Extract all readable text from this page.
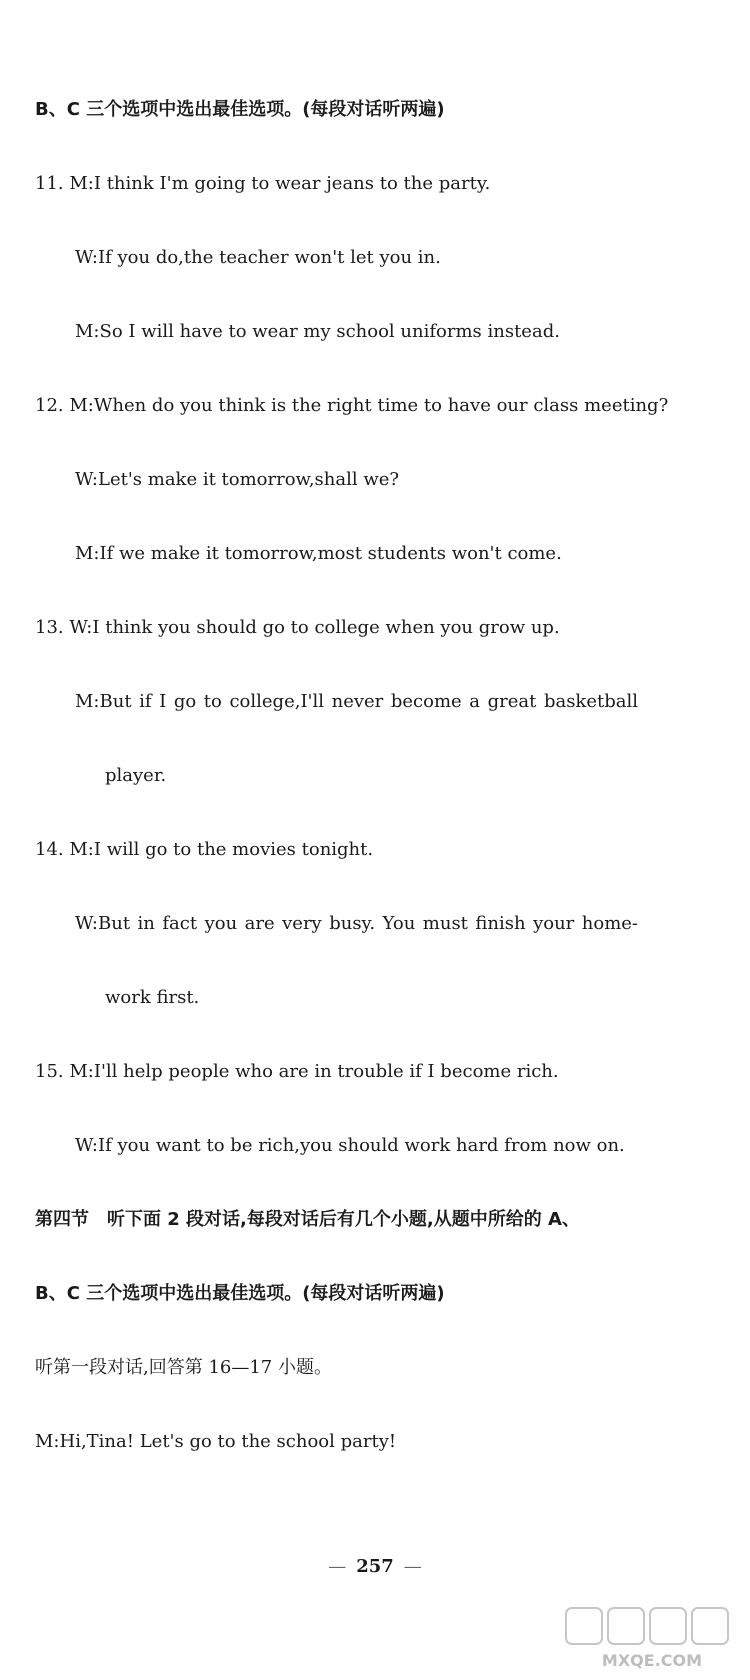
B、C 三个选项中选出最佳选项。(每段对话听两遍)
11. M:I think I'm going to wear jeans to the party.
W:If you do,the teacher won't let you in.
M:So I will have to wear my school uniforms instead.
12. M:When do you think is the right time to have our class meeting?
W:Let's make it tomorrow,shall we?
M:If we make it tomorrow,most students won't come.
13. W:I think you should go to college when you grow up.
M:But if I go to college,I'll never become a great basketball
player.
14. M:I will go to the movies tonight.
W:But in fact you are very busy. You must finish your home-
work first.
15. M:I'll help people who are in trouble if I become rich.
W:If you want to be rich,you should work hard from now on.
第四节　听下面 2 段对话,每段对话后有几个小题,从题中所给的 A、
B、C 三个选项中选出最佳选项。(每段对话听两遍)
听第一段对话,回答第 16—17 小题。
M:Hi,Tina! Let's go to the school party!
— 257 —
MXQE.COM
